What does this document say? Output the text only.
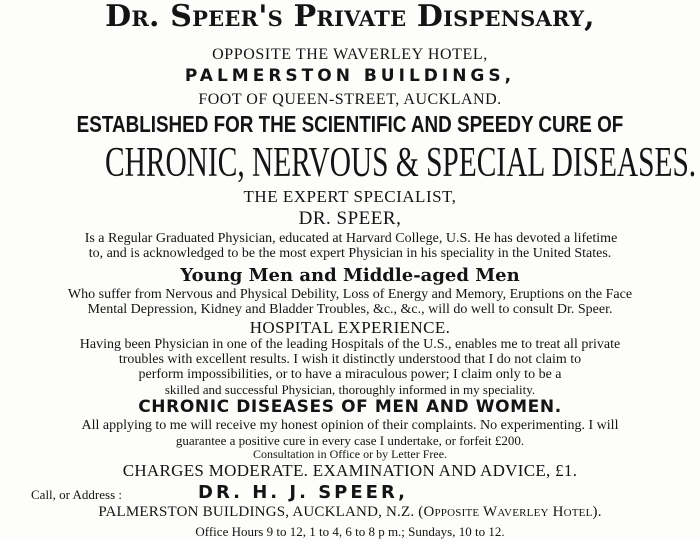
Dr. Speer's Private Dispensary,
OPPOSITE THE WAVERLEY HOTEL,
PALMERSTON BUILDINGS,
FOOT OF QUEEN-STREET, AUCKLAND.
ESTABLISHED FOR THE SCIENTIFIC AND SPEEDY CURE OF
CHRONIC, NERVOUS & SPECIAL DISEASES.
THE EXPERT SPECIALIST,
DR. SPEER,
Is a Regular Graduated Physician, educated at Harvard College, U.S. He has devoted a lifetime
to, and is acknowledged to be the most expert Physician in his speciality in the United States.
Young Men and Middle-aged Men
Who suffer from Nervous and Physical Debility, Loss of Energy and Memory, Eruptions on the Face
Mental Depression, Kidney and Bladder Troubles, &c., &c., will do well to consult Dr. Speer.
HOSPITAL EXPERIENCE.
Having been Physician in one of the leading Hospitals of the U.S., enables me to treat all private
troubles with excellent results. I wish it distinctly understood that I do not claim to
perform impossibilities, or to have a miraculous power; I claim only to be a
skilled and successful Physician, thoroughly informed in my speciality.
CHRONIC DISEASES OF MEN AND WOMEN.
All applying to me will receive my honest opinion of their complaints. No experimenting. I will
guarantee a positive cure in every case I undertake, or forfeit £200.
Consultation in Office or by Letter Free.
CHARGES MODERATE. EXAMINATION AND ADVICE, £1.
Call, or Address :	DR. H. J. SPEER,
PALMERSTON BUILDINGS, AUCKLAND, N.Z. (Opposite Waverley Hotel).
Office Hours 9 to 12, 1 to 4, 6 to 8 p m.; Sundays, 10 to 12.
